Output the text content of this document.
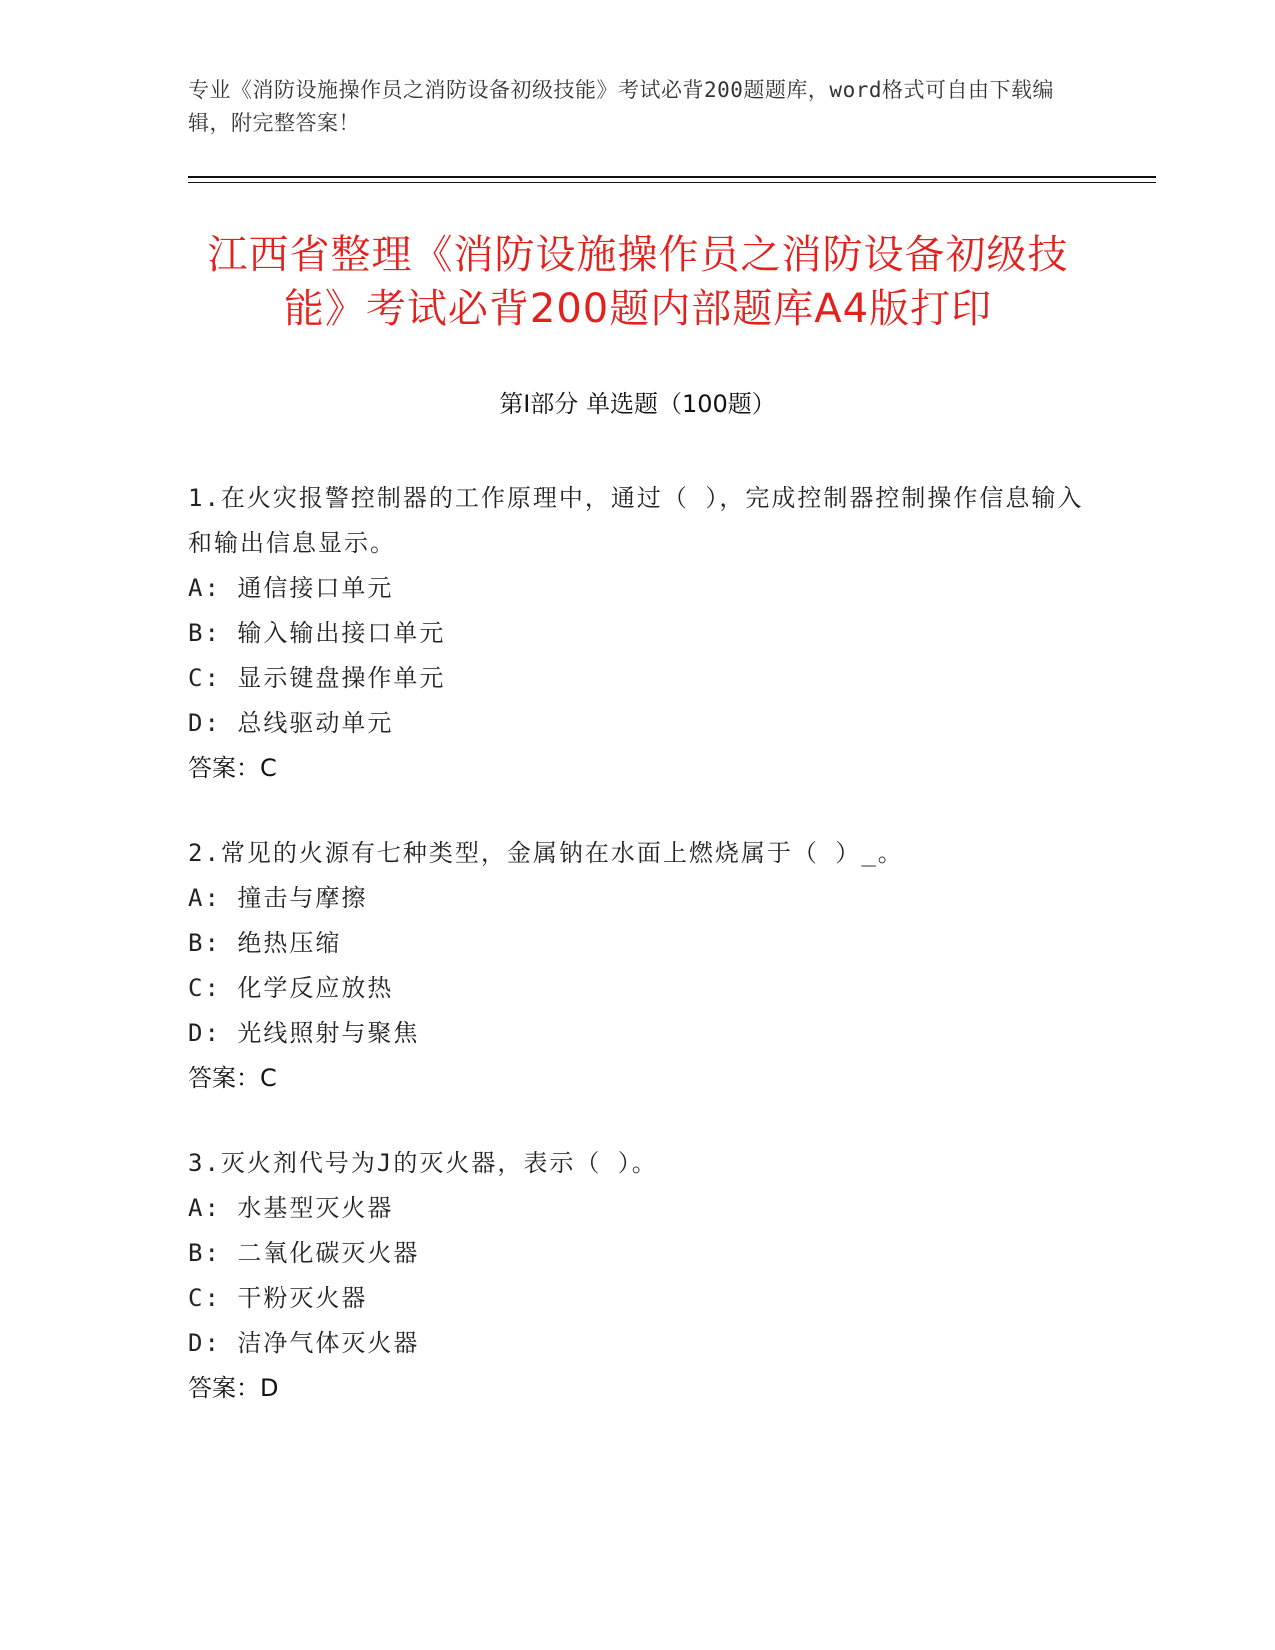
专业《消防设施操作员之消防设备初级技能》考试必背200题题库，word格式可自由下载编辑，附完整答案！
江西省整理《消防设施操作员之消防设备初级技能》考试必背200题内部题库A4版打印
第Ⅰ部分 单选题（100题）
1.在火灾报警控制器的工作原理中，通过（ ），完成控制器控制操作信息输入和输出信息显示。
A: 通信接口单元
B: 输入输出接口单元
C: 显示键盘操作单元
D: 总线驱动单元
答案：C
2.常见的火源有七种类型，金属钠在水面上燃烧属于（ ）_。
A: 撞击与摩擦
B: 绝热压缩
C: 化学反应放热
D: 光线照射与聚焦
答案：C
3.灭火剂代号为J的灭火器，表示（ ）。
A: 水基型灭火器
B: 二氧化碳灭火器
C: 干粉灭火器
D: 洁净气体灭火器
答案：D
